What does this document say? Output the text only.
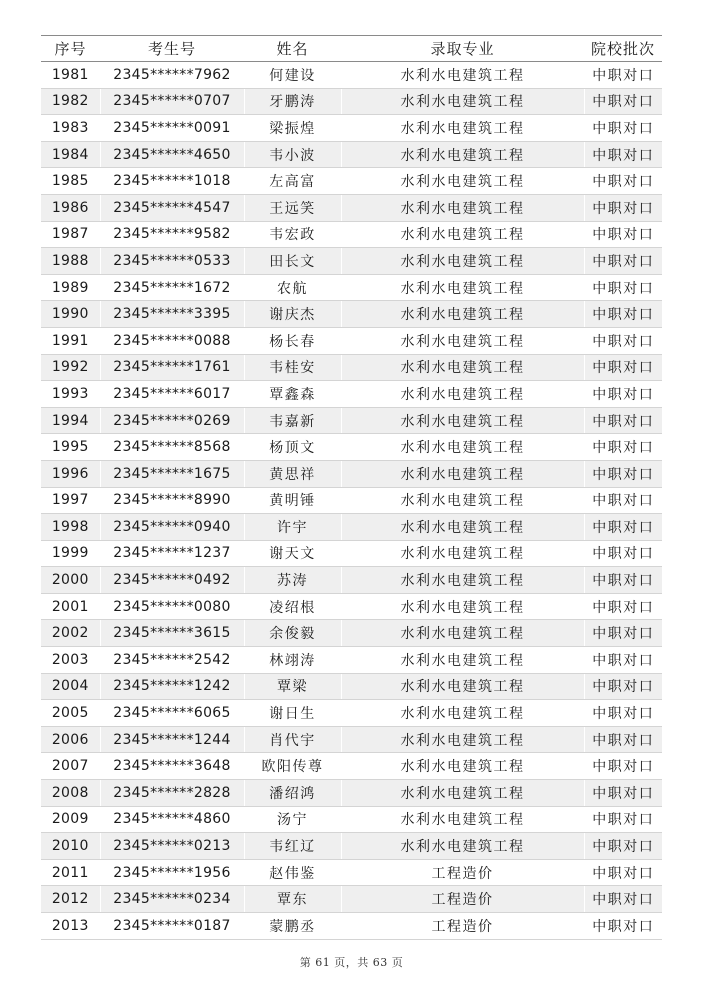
序号	考生号	姓名	录取专业	院校批次
1981	2345******7962	何建设	水利水电建筑工程	中职对口
1982	2345******0707	牙鹏涛	水利水电建筑工程	中职对口
1983	2345******0091	梁振煌	水利水电建筑工程	中职对口
1984	2345******4650	韦小波	水利水电建筑工程	中职对口
1985	2345******1018	左高富	水利水电建筑工程	中职对口
1986	2345******4547	王远笑	水利水电建筑工程	中职对口
1987	2345******9582	韦宏政	水利水电建筑工程	中职对口
1988	2345******0533	田长文	水利水电建筑工程	中职对口
1989	2345******1672	农航	水利水电建筑工程	中职对口
1990	2345******3395	谢庆杰	水利水电建筑工程	中职对口
1991	2345******0088	杨长春	水利水电建筑工程	中职对口
1992	2345******1761	韦桂安	水利水电建筑工程	中职对口
1993	2345******6017	覃鑫森	水利水电建筑工程	中职对口
1994	2345******0269	韦嘉新	水利水电建筑工程	中职对口
1995	2345******8568	杨顶文	水利水电建筑工程	中职对口
1996	2345******1675	黄思祥	水利水电建筑工程	中职对口
1997	2345******8990	黄明锤	水利水电建筑工程	中职对口
1998	2345******0940	许宇	水利水电建筑工程	中职对口
1999	2345******1237	谢天文	水利水电建筑工程	中职对口
2000	2345******0492	苏涛	水利水电建筑工程	中职对口
2001	2345******0080	凌绍根	水利水电建筑工程	中职对口
2002	2345******3615	余俊毅	水利水电建筑工程	中职对口
2003	2345******2542	林翊涛	水利水电建筑工程	中职对口
2004	2345******1242	覃梁	水利水电建筑工程	中职对口
2005	2345******6065	谢日生	水利水电建筑工程	中职对口
2006	2345******1244	肖代宇	水利水电建筑工程	中职对口
2007	2345******3648	欧阳传尊	水利水电建筑工程	中职对口
2008	2345******2828	潘绍鸿	水利水电建筑工程	中职对口
2009	2345******4860	汤宁	水利水电建筑工程	中职对口
2010	2345******0213	韦红辽	水利水电建筑工程	中职对口
2011	2345******1956	赵伟鉴	工程造价	中职对口
2012	2345******0234	覃东	工程造价	中职对口
2013	2345******0187	蒙鹏丞	工程造价	中职对口
第 61 页，共 63 页
